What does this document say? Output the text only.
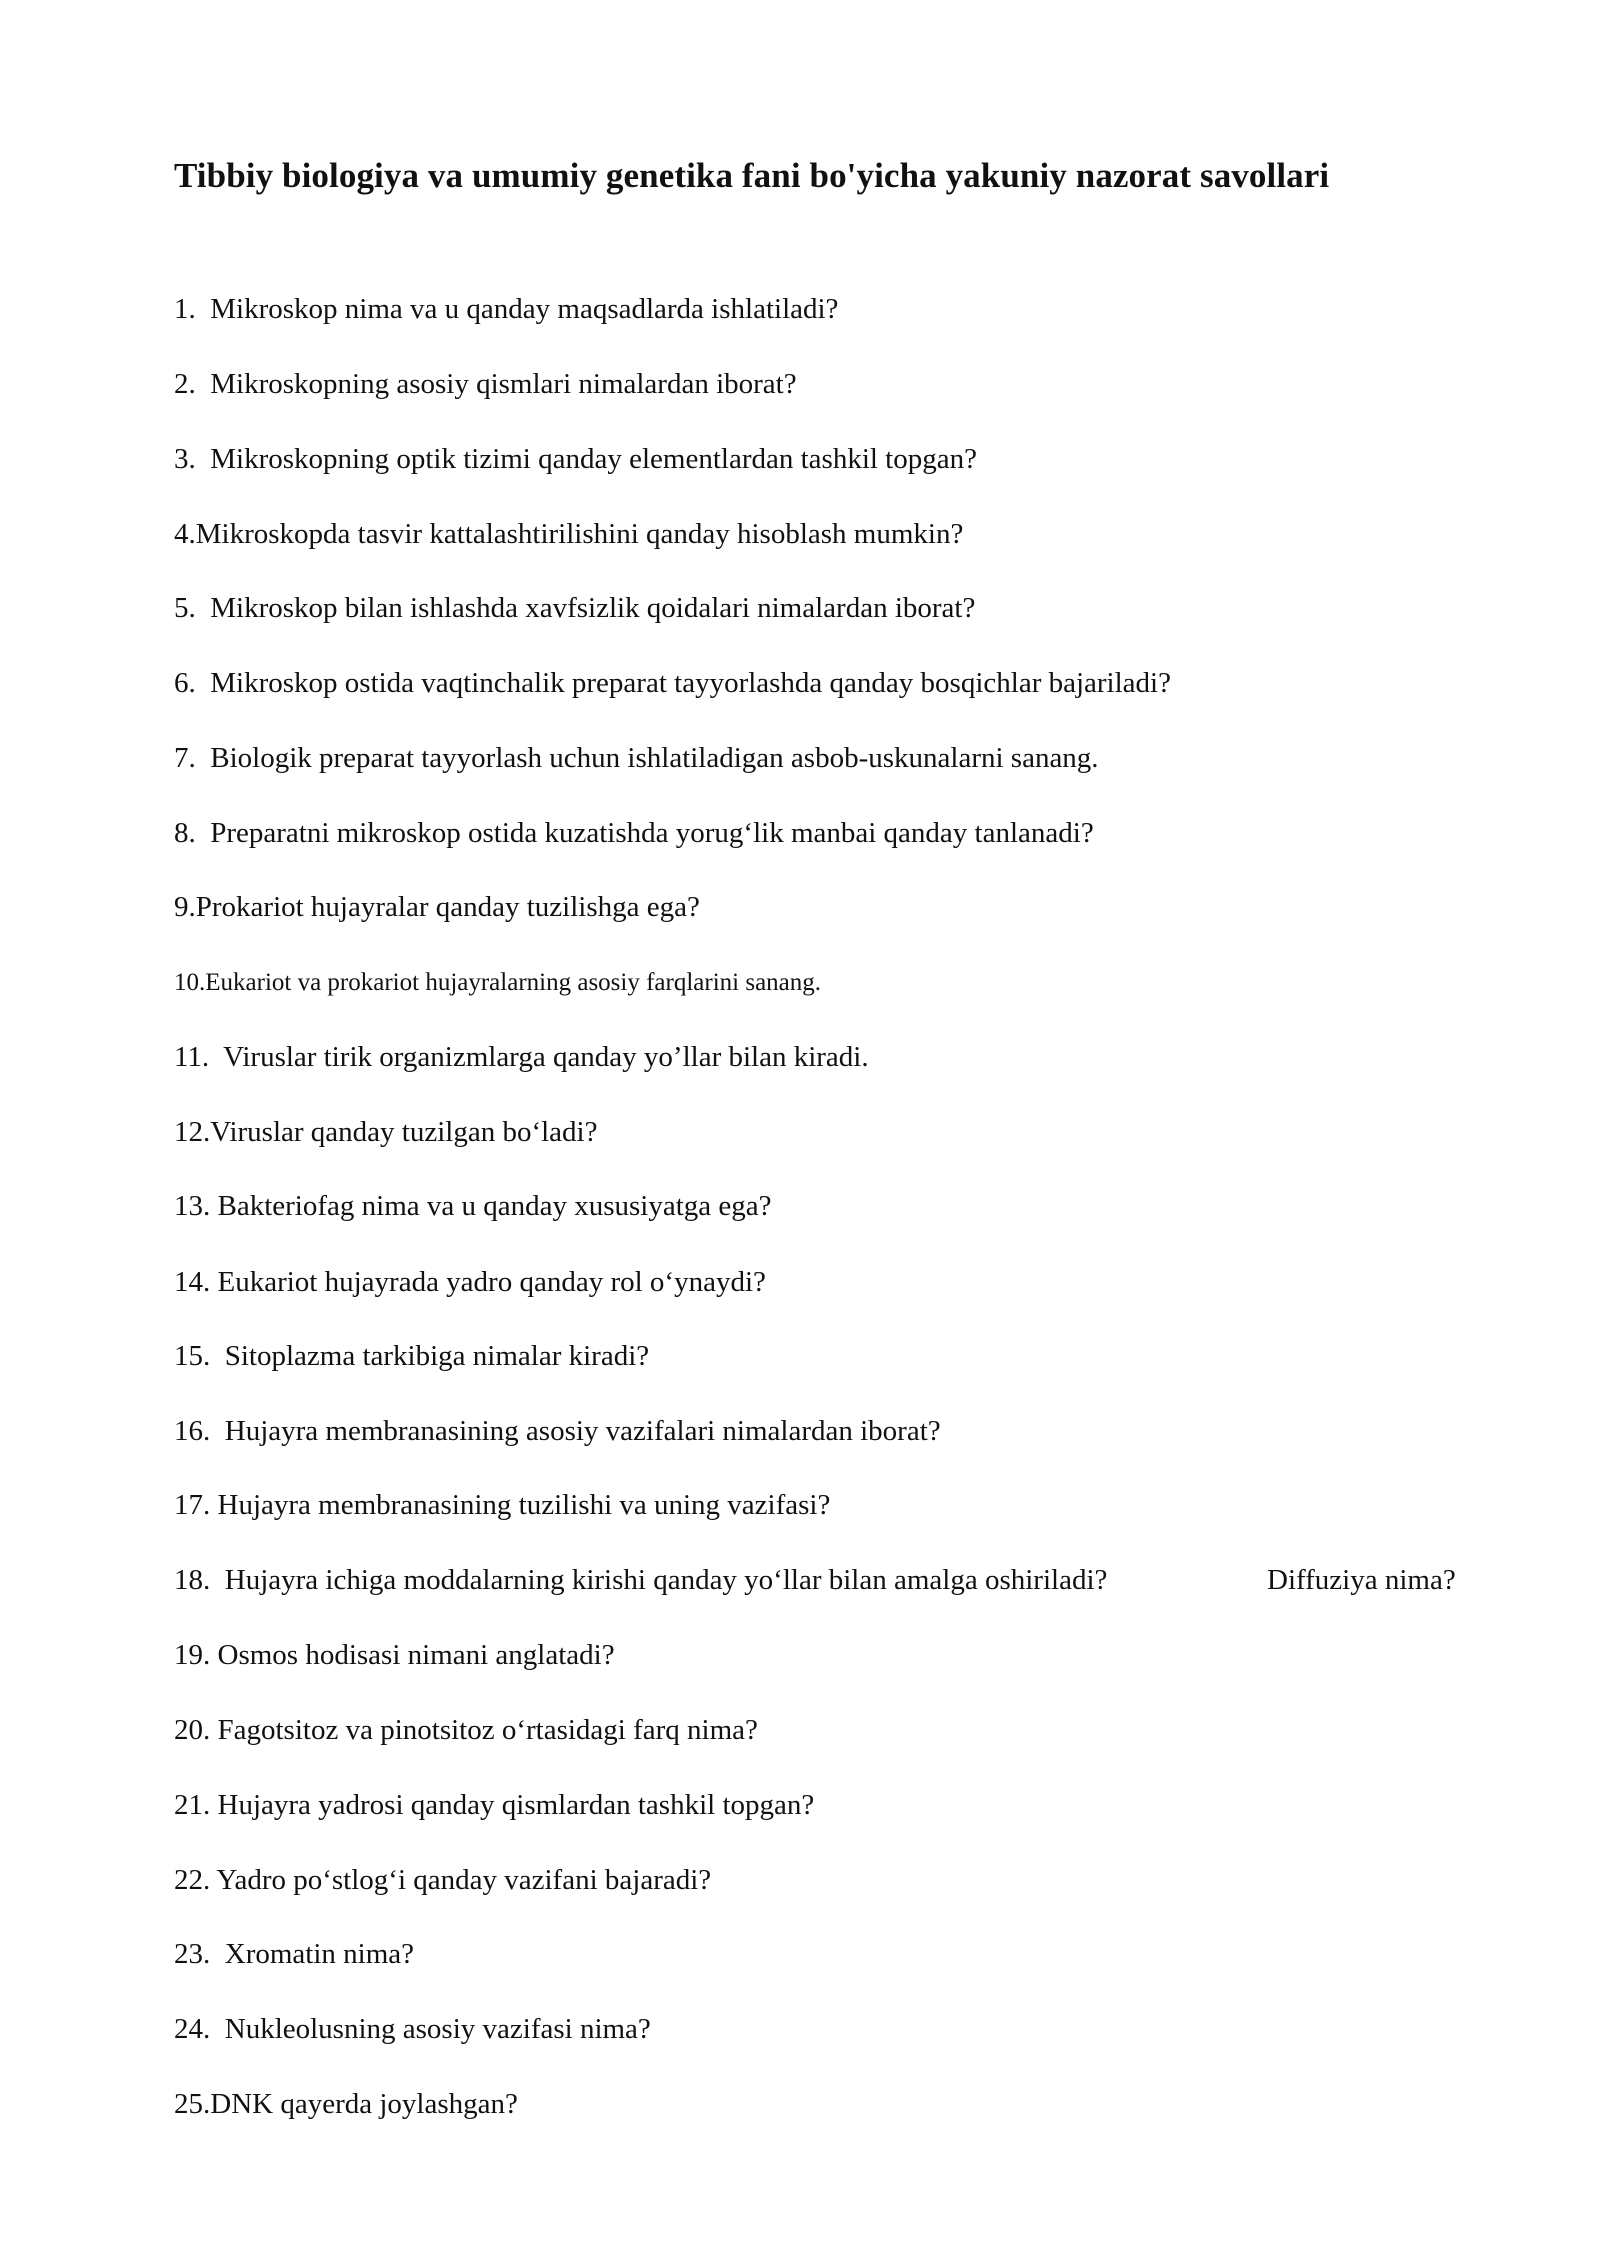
Tibbiy biologiya va umumiy genetika fani bo'yicha yakuniy nazorat savollari
1.  Mikroskop nima va u qanday maqsadlarda ishlatiladi?
2.  Mikroskopning asosiy qismlari nimalardan iborat?
3.  Mikroskopning optik tizimi qanday elementlardan tashkil topgan?
4.Mikroskopda tasvir kattalashtirilishini qanday hisoblash mumkin?
5.  Mikroskop bilan ishlashda xavfsizlik qoidalari nimalardan iborat?
6.  Mikroskop ostida vaqtinchalik preparat tayyorlashda qanday bosqichlar bajariladi?
7.  Biologik preparat tayyorlash uchun ishlatiladigan asbob-uskunalarni sanang.
8.  Preparatni mikroskop ostida kuzatishda yorug‘lik manbai qanday tanlanadi?
9.Prokariot hujayralar qanday tuzilishga ega?
10.Eukariot va prokariot hujayralarning asosiy farqlarini sanang.
11.  Viruslar tirik organizmlarga qanday yo’llar bilan kiradi.
12.Viruslar qanday tuzilgan bo‘ladi?
13. Bakteriofag nima va u qanday xususiyatga ega?
14. Eukariot hujayrada yadro qanday rol o‘ynaydi?
15.  Sitoplazma tarkibiga nimalar kiradi?
16.  Hujayra membranasining asosiy vazifalari nimalardan iborat?
17. Hujayra membranasining tuzilishi va uning vazifasi?
18.  Hujayra ichiga moddalarning kirishi qanday yo‘llar bilan amalga oshiriladi?	Diffuziya nima?
19. Osmos hodisasi nimani anglatadi?
20. Fagotsitoz va pinotsitoz o‘rtasidagi farq nima?
21. Hujayra yadrosi qanday qismlardan tashkil topgan?
22. Yadro po‘stlog‘i qanday vazifani bajaradi?
23.  Xromatin nima?
24.  Nukleolusning asosiy vazifasi nima?
25.DNK qayerda joylashgan?
